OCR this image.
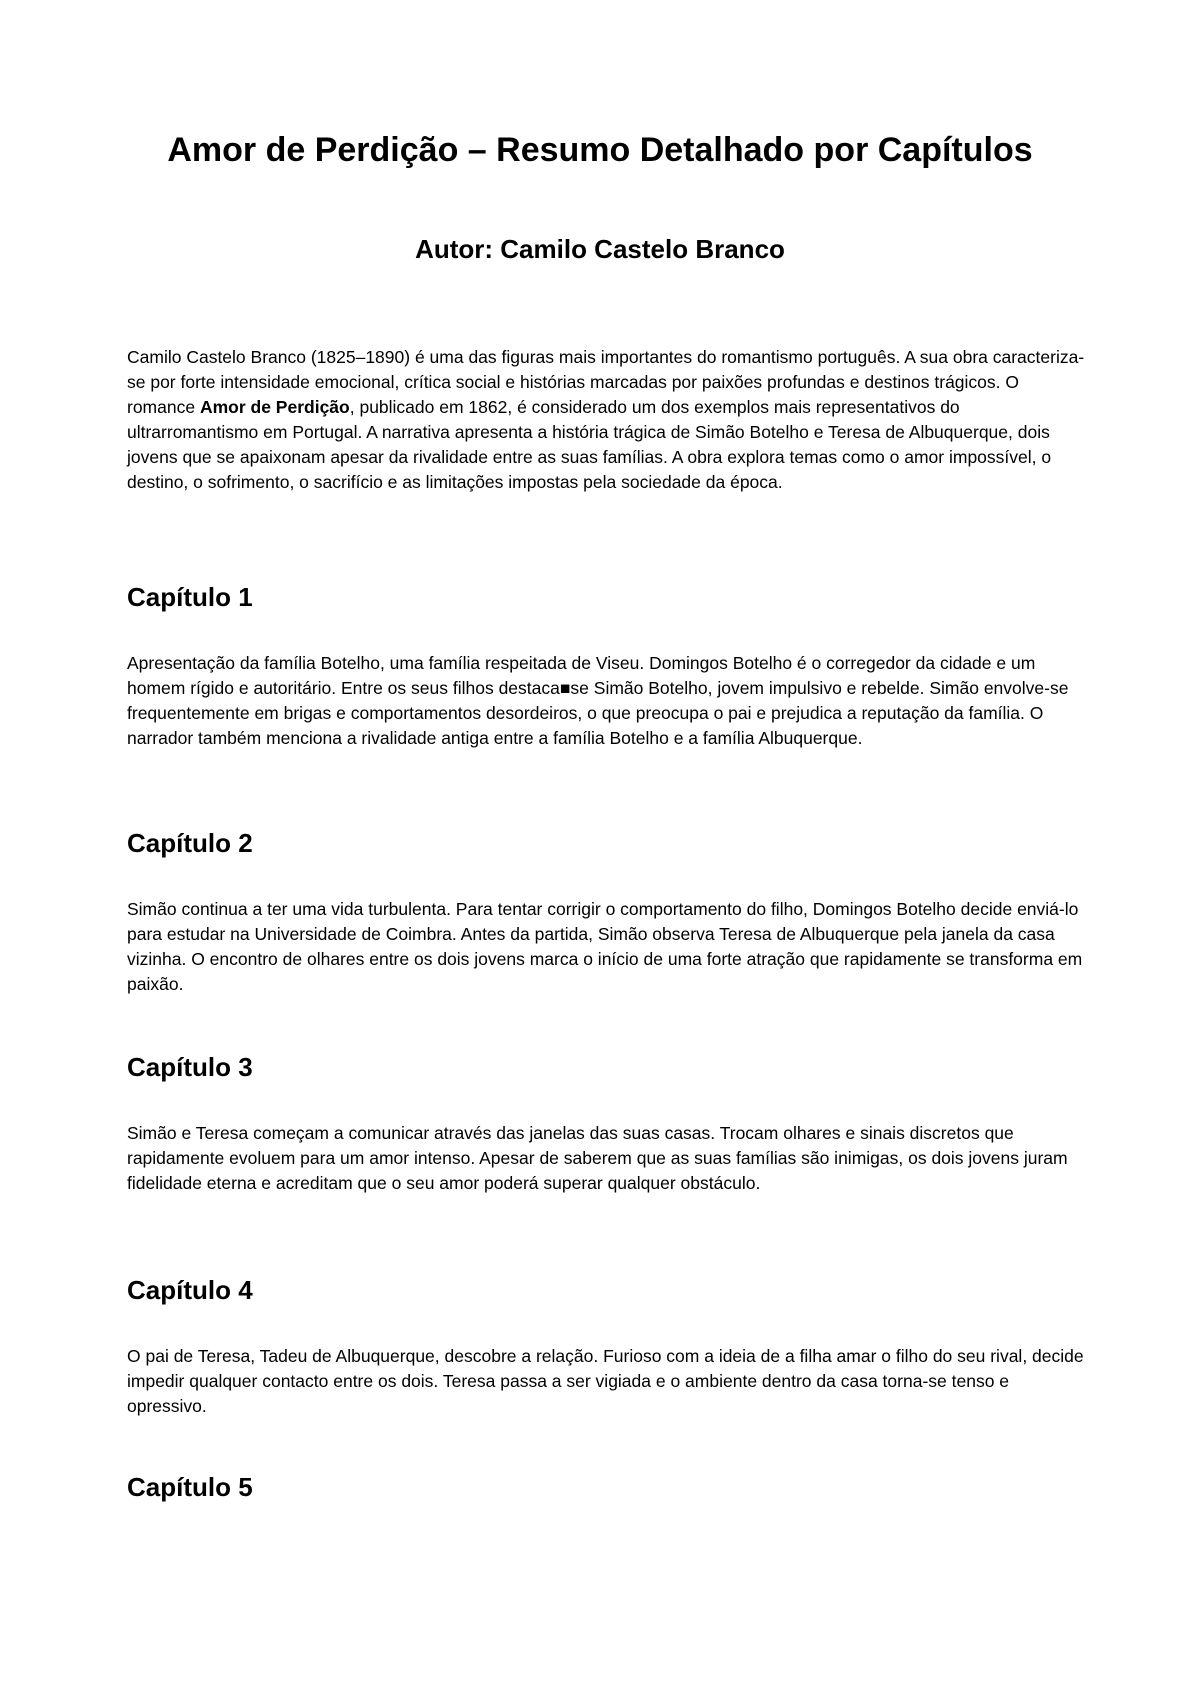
Amor de Perdição – Resumo Detalhado por Capítulos
Autor: Camilo Castelo Branco

Camilo Castelo Branco (1825–1890) é uma das figuras mais importantes do romantismo português. A sua obra caracteriza-se por forte intensidade emocional, crítica social e histórias marcadas por paixões profundas e destinos trágicos. O romance Amor de Perdição, publicado em 1862, é considerado um dos exemplos mais representativos do ultrarromantismo em Portugal. A narrativa apresenta a história trágica de Simão Botelho e Teresa de Albuquerque, dois jovens que se apaixonam apesar da rivalidade entre as suas famílias. A obra explora temas como o amor impossível, o destino, o sofrimento, o sacrifício e as limitações impostas pela sociedade da época.

Capítulo 1

Apresentação da família Botelho, uma família respeitada de Viseu. Domingos Botelho é o corregedor da cidade e um homem rígido e autoritário. Entre os seus filhos destaca■se Simão Botelho, jovem impulsivo e rebelde. Simão envolve-se frequentemente em brigas e comportamentos desordeiros, o que preocupa o pai e prejudica a reputação da família. O narrador também menciona a rivalidade antiga entre a família Botelho e a família Albuquerque.

Capítulo 2

Simão continua a ter uma vida turbulenta. Para tentar corrigir o comportamento do filho, Domingos Botelho decide enviá-lo para estudar na Universidade de Coimbra. Antes da partida, Simão observa Teresa de Albuquerque pela janela da casa vizinha. O encontro de olhares entre os dois jovens marca o início de uma forte atração que rapidamente se transforma em paixão.

Capítulo 3

Simão e Teresa começam a comunicar através das janelas das suas casas. Trocam olhares e sinais discretos que rapidamente evoluem para um amor intenso. Apesar de saberem que as suas famílias são inimigas, os dois jovens juram fidelidade eterna e acreditam que o seu amor poderá superar qualquer obstáculo.

Capítulo 4

O pai de Teresa, Tadeu de Albuquerque, descobre a relação. Furioso com a ideia de a filha amar o filho do seu rival, decide impedir qualquer contacto entre os dois. Teresa passa a ser vigiada e o ambiente dentro da casa torna-se tenso e opressivo.

Capítulo 5
